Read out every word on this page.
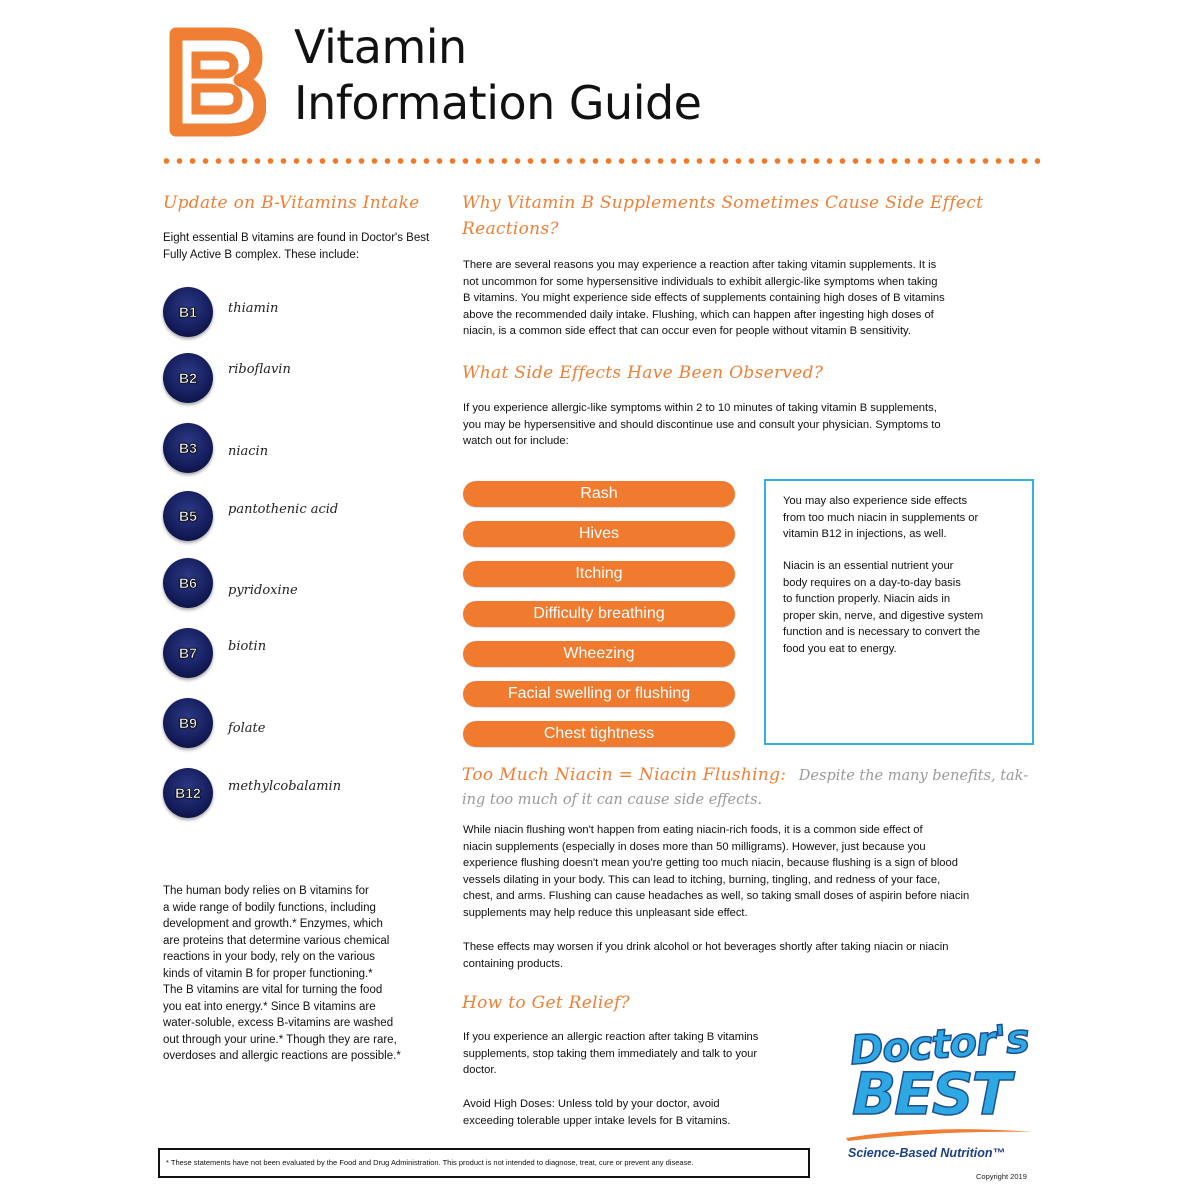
Vitamin
Information Guide
Update on B-Vitamins Intake
Eight essential B vitamins are found in Doctor's Best Fully Active B complex. These include:
B1 thiamin
B2
riboflavin
B3 niacin
B5 pantothenic acid
B6 pyridoxine
B7 biotin
B9 folate
B12 methylcobalamin
The human body relies on B vitamins for
a wide range of bodily functions, including
development and growth.* Enzymes, which
are proteins that determine various chemical
reactions in your body, rely on the various
kinds of vitamin B for proper functioning.*
The B vitamins are vital for turning the food
you eat into energy.* Since B vitamins are
water-soluble, excess B-vitamins are washed
out through your urine.* Though they are rare,
overdoses and allergic reactions are possible.*
Why Vitamin B Supplements Sometimes Cause Side Effect
Reactions?
There are several reasons you may experience a reaction after taking vitamin supplements. It is
not uncommon for some hypersensitive individuals to exhibit allergic-like symptoms when taking
B vitamins. You might experience side effects of supplements containing high doses of B vitamins
above the recommended daily intake. Flushing, which can happen after ingesting high doses of
niacin, is a common side effect that can occur even for people without vitamin B sensitivity.
What Side Effects Have Been Observed?
If you experience allergic-like symptoms within 2 to 10 minutes of taking vitamin B supplements,
you may be hypersensitive and should discontinue use and consult your physician. Symptoms to
watch out for include:
Rash
Hives
Itching
Difficulty breathing
Wheezing
Facial swelling or flushing
Chest tightness
You may also experience side effects
from too much niacin in supplements or
vitamin B12 in injections, as well.
Niacin is an essential nutrient your
body requires on a day-to-day basis
to function properly. Niacin aids in
proper skin, nerve, and digestive system
function and is necessary to convert the
food you eat to energy.
Too Much Niacin = Niacin Flushing: Despite the many benefits, tak-
ing too much of it can cause side effects.
While niacin flushing won't happen from eating niacin-rich foods, it is a common side effect of
niacin supplements (especially in doses more than 50 milligrams). However, just because you
experience flushing doesn't mean you're getting too much niacin, because flushing is a sign of blood
vessels dilating in your body. This can lead to itching, burning, tingling, and redness of your face,
chest, and arms. Flushing can cause headaches as well, so taking small doses of aspirin before niacin
supplements may help reduce this unpleasant side effect.
These effects may worsen if you drink alcohol or hot beverages shortly after taking niacin or niacin
containing products.
How to Get Relief?
If you experience an allergic reaction after taking B vitamins
supplements, stop taking them immediately and talk to your
doctor.
Avoid High Doses: Unless told by your doctor, avoid
exceeding tolerable upper intake levels for B vitamins.
Doctor's
BEST
Science-Based Nutrition™
Copyright 2019
* These statements have not been evaluated by the Food and Drug Administration. This product is not intended to diagnose, treat, cure or prevent any disease.
